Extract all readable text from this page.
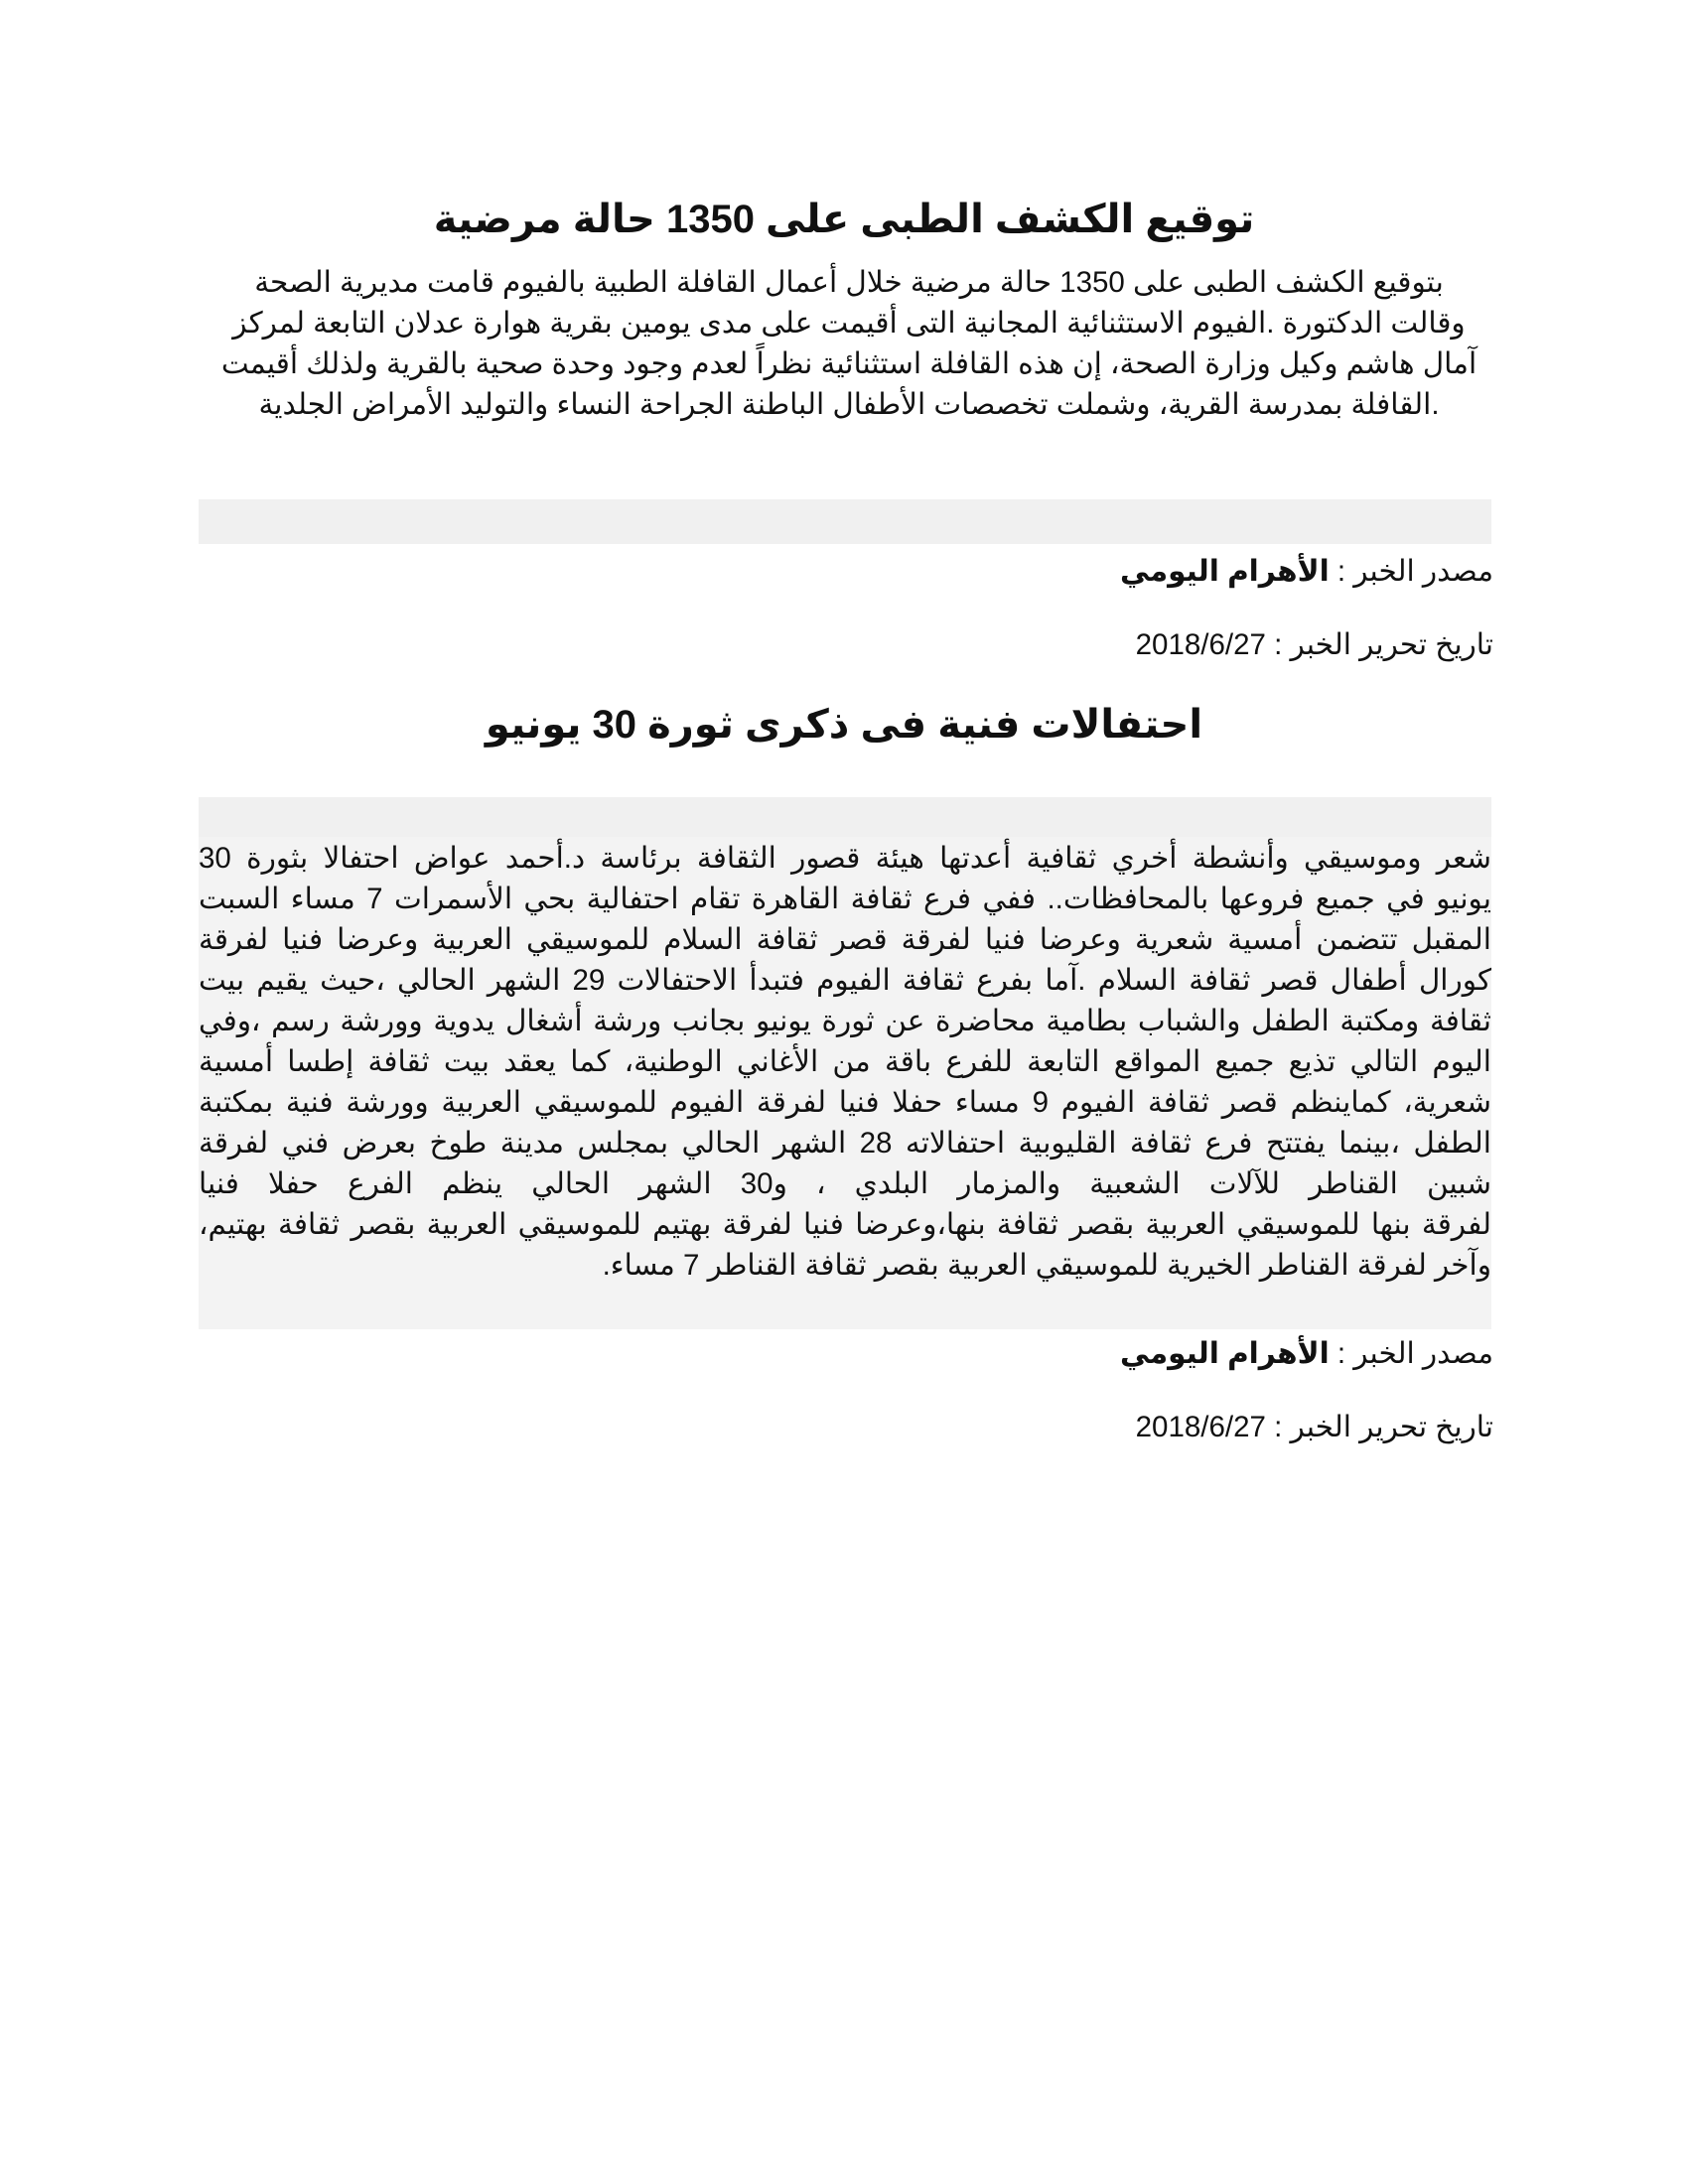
توقيع الكشف الطبى على 1350 حالة مرضية

بتوقيع الكشف الطبى على 1350 حالة مرضية خلال أعمال القافلة الطبية بالفيوم قامت مديرية الصحة

وقالت الدكتورة .الفيوم الاستثنائية المجانية التى أقيمت على مدى يومين بقرية هوارة عدلان التابعة لمركز

آمال هاشم وكيل وزارة الصحة، إن هذه القافلة استثنائية نظراً لعدم وجود وحدة صحية بالقرية ولذلك أقيمت

.القافلة بمدرسة القرية، وشملت تخصصات الأطفال الباطنة الجراحة النساء والتوليد الأمراض الجلدية

مصدر الخبر : الأهرام اليومي
تاريخ تحرير الخبر : 2018/6/27
احتفالات فنية فى ذكرى ثورة 30 يونيو

شعر وموسيقي وأنشطة أخري ثقافية أعدتها هيئة قصور الثقافة برئاسة د.أحمد عواض احتفالا بثورة 30

يونيو في جميع فروعها بالمحافظات.. ففي فرع ثقافة القاهرة تقام احتفالية بحي الأسمرات 7 مساء السبت

المقبل تتضمن أمسية شعرية وعرضا فنيا لفرقة قصر ثقافة السلام للموسيقي العربية وعرضا فنيا لفرقة

كورال أطفال قصر ثقافة السلام .آما بفرع ثقافة الفيوم فتبدأ الاحتفالات 29 الشهر الحالي ،حيث يقيم بيت

ثقافة ومكتبة الطفل والشباب بطامية محاضرة عن ثورة يونيو بجانب ورشة أشغال يدوية وورشة رسم ،وفي

اليوم التالي تذيع جميع المواقع التابعة للفرع باقة من الأغاني الوطنية، كما يعقد بيت ثقافة إطسا أمسية

شعرية، كماينظم قصر ثقافة الفيوم 9 مساء حفلا فنيا لفرقة الفيوم للموسيقي العربية وورشة فنية بمكتبة

الطفل ،بينما يفتتح فرع ثقافة القليوبية احتفالاته 28 الشهر الحالي بمجلس مدينة طوخ بعرض فني لفرقة

شبين القناطر للآلات الشعبية والمزمار البلدي ، و30 الشهر الحالي ينظم الفرع حفلا فنيا

لفرقة بنها للموسيقي العربية بقصر ثقافة بنها،وعرضا فنيا لفرقة بهتيم للموسيقي العربية بقصر ثقافة بهتيم،

وآخر لفرقة القناطر الخيرية للموسيقي العربية بقصر ثقافة القناطر 7 مساء.

مصدر الخبر : الأهرام اليومي
تاريخ تحرير الخبر : 2018/6/27
